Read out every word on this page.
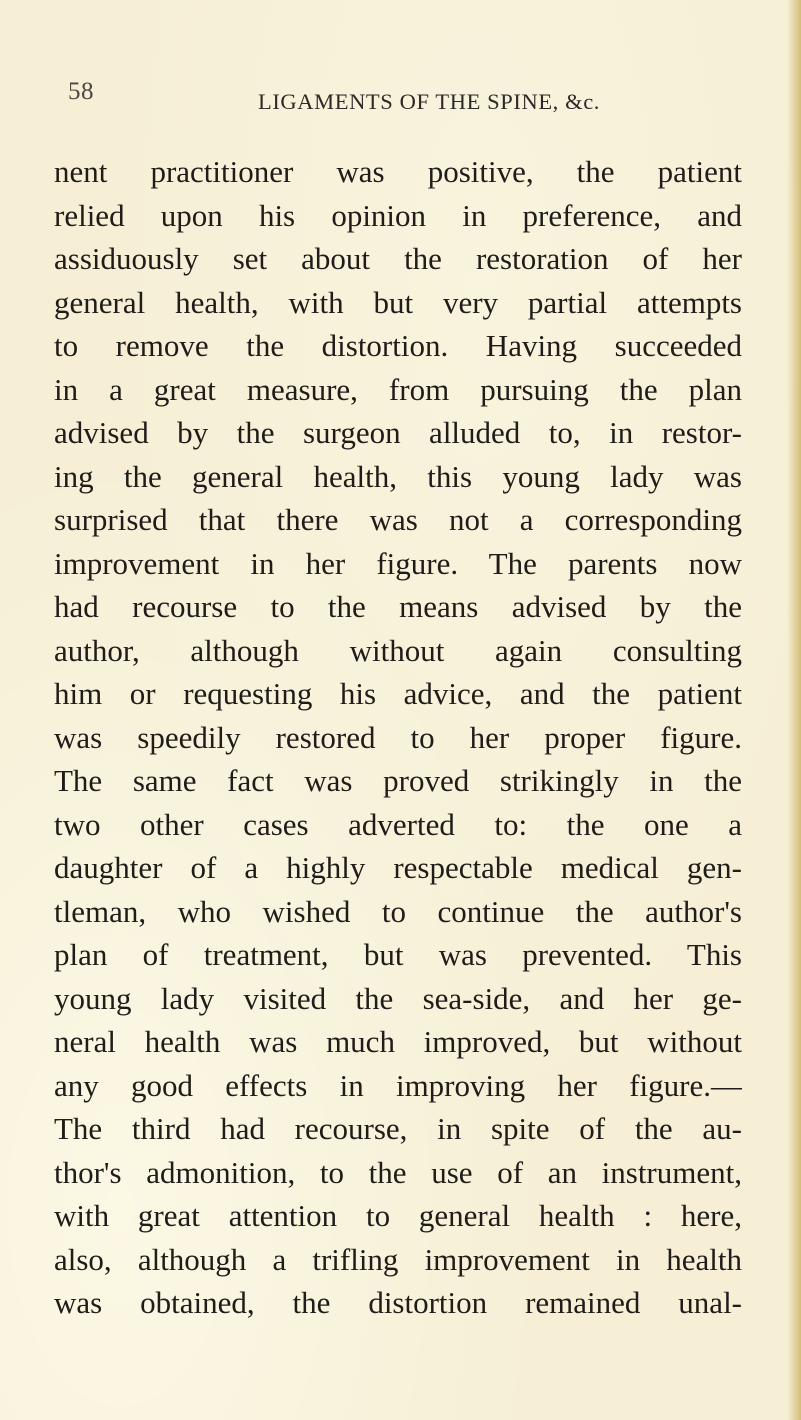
58	LIGAMENTS OF THE SPINE, &c.
nent practitioner was positive, the patient
relied upon his opinion in preference, and
assiduously set about the restoration of her
general health, with but very partial attempts
to remove the distortion. Having succeeded
in a great measure, from pursuing the plan
advised by the surgeon alluded to, in restor-
ing the general health, this young lady was
surprised that there was not a corresponding
improvement in her figure. The parents now
had recourse to the means advised by the
author, although without again consulting
him or requesting his advice, and the patient
was speedily restored to her proper figure.
The same fact was proved strikingly in the
two other cases adverted to: the one a
daughter of a highly respectable medical gen-
tleman, who wished to continue the author's
plan of treatment, but was prevented. This
young lady visited the sea-side, and her ge-
neral health was much improved, but without
any good effects in improving her figure.—
The third had recourse, in spite of the au-
thor's admonition, to the use of an instrument,
with great attention to general health : here,
also, although a trifling improvement in health
was obtained, the distortion remained unal-
